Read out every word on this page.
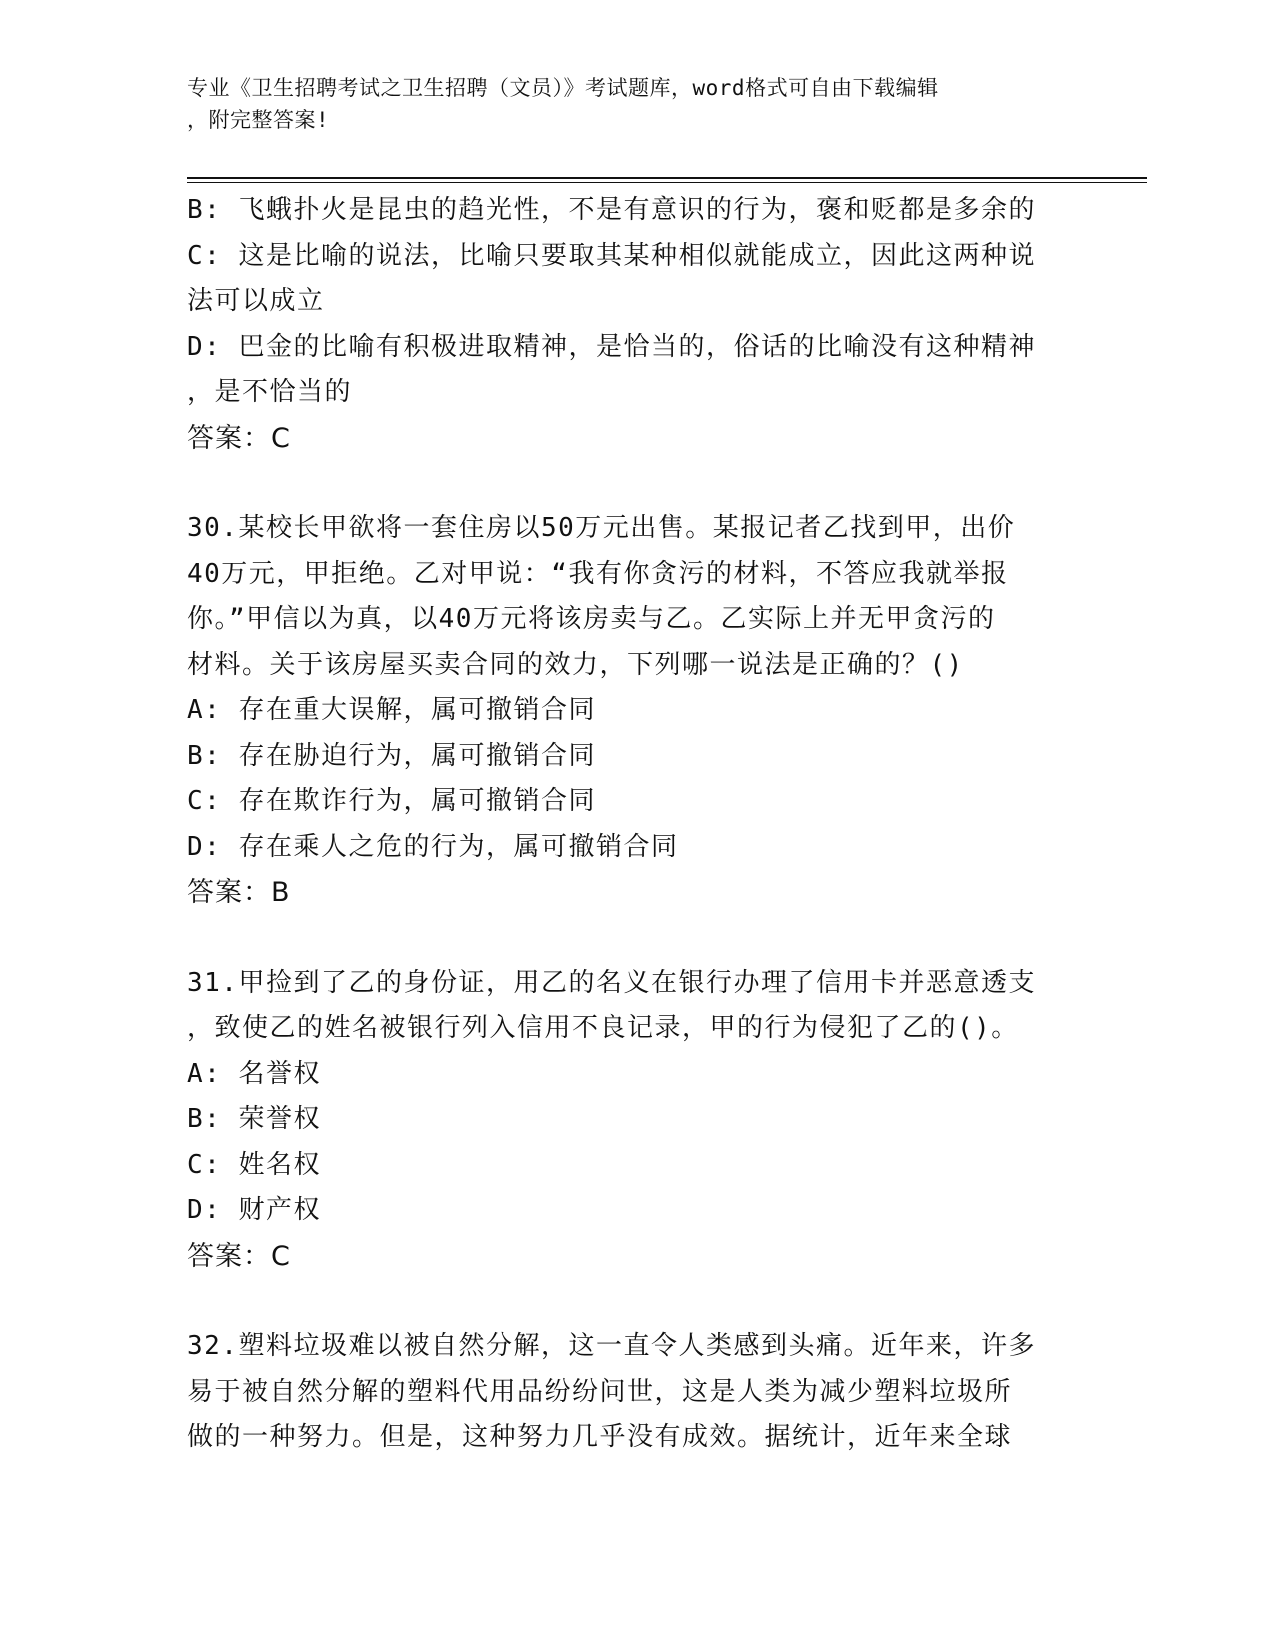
专业《卫生招聘考试之卫生招聘（文员）》考试题库，word格式可自由下载编辑
，附完整答案!
B: 飞蛾扑火是昆虫的趋光性，不是有意识的行为，褒和贬都是多余的
C: 这是比喻的说法，比喻只要取其某种相似就能成立，因此这两种说
法可以成立
D: 巴金的比喻有积极进取精神，是恰当的，俗话的比喻没有这种精神
，是不恰当的
答案：C
30.某校长甲欲将一套住房以50万元出售。某报记者乙找到甲，出价
40万元，甲拒绝。乙对甲说：“我有你贪污的材料，不答应我就举报
你。”甲信以为真，以40万元将该房卖与乙。乙实际上并无甲贪污的
材料。关于该房屋买卖合同的效力，下列哪一说法是正确的？()
A: 存在重大误解，属可撤销合同
B: 存在胁迫行为，属可撤销合同
C: 存在欺诈行为，属可撤销合同
D: 存在乘人之危的行为，属可撤销合同
答案：B
31.甲捡到了乙的身份证，用乙的名义在银行办理了信用卡并恶意透支
，致使乙的姓名被银行列入信用不良记录，甲的行为侵犯了乙的()。
A: 名誉权
B: 荣誉权
C: 姓名权
D: 财产权
答案：C
32.塑料垃圾难以被自然分解，这一直令人类感到头痛。近年来，许多
易于被自然分解的塑料代用品纷纷问世，这是人类为减少塑料垃圾所
做的一种努力。但是，这种努力几乎没有成效。据统计，近年来全球
